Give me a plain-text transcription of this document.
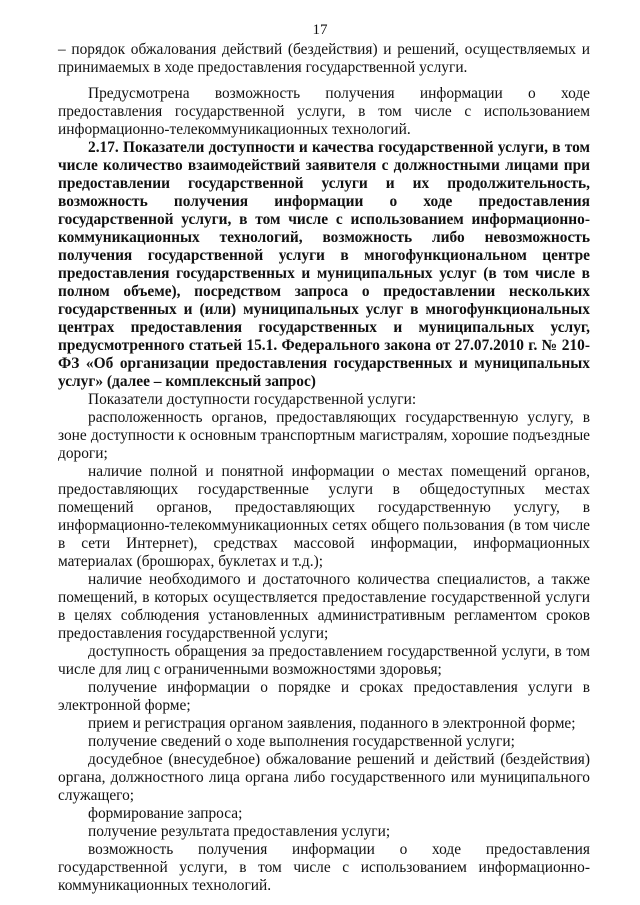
17

– порядок обжалования действий (бездействия) и решений, осуществляемых и принимаемых в ходе предоставления государственной услуги.

Предусмотрена возможность получения информации о ходе предоставления государственной услуги, в том числе с использованием информационно-телекоммуникационных технологий.

2.17. Показатели доступности и качества государственной услуги, в том числе количество взаимодействий заявителя с должностными лицами при предоставлении государственной услуги и их продолжительность, возможность получения информации о ходе предоставления государственной услуги, в том числе с использованием информационно-коммуникационных технологий, возможность либо невозможность получения государственной услуги в многофункциональном центре предоставления государственных и муниципальных услуг (в том числе в полном объеме), посредством запроса о предоставлении нескольких государственных и (или) муниципальных услуг в многофункциональных центрах предоставления государственных и муниципальных услуг, предусмотренного статьей 15.1. Федерального закона от 27.07.2010 г. № 210-ФЗ «Об организации предоставления государственных и муниципальных услуг» (далее – комплексный запрос)

Показатели доступности государственной услуги:

расположенность органов, предоставляющих государственную услугу, в зоне доступности к основным транспортным магистралям, хорошие подъездные дороги;

наличие полной и понятной информации о местах помещений органов, предоставляющих государственные услуги в общедоступных местах помещений органов, предоставляющих государственную услугу, в информационно-телекоммуникационных сетях общего пользования (в том числе в сети Интернет), средствах массовой информации, информационных материалах (брошюрах, буклетах и т.д.);

наличие необходимого и достаточного количества специалистов, а также помещений, в которых осуществляется предоставление государственной услуги в целях соблюдения установленных административным регламентом сроков предоставления государственной услуги;

доступность обращения за предоставлением государственной услуги, в том числе для лиц с ограниченными возможностями здоровья;

получение информации о порядке и сроках предоставления услуги в электронной форме;

прием и регистрация органом заявления, поданного в электронной форме;

получение сведений о ходе выполнения государственной услуги;

досудебное (внесудебное) обжалование решений и действий (бездействия) органа, должностного лица органа либо государственного или муниципального служащего;

формирование запроса;

получение результата предоставления услуги;

возможность получения информации о ходе предоставления государственной услуги, в том числе с использованием информационно-коммуникационных технологий.
